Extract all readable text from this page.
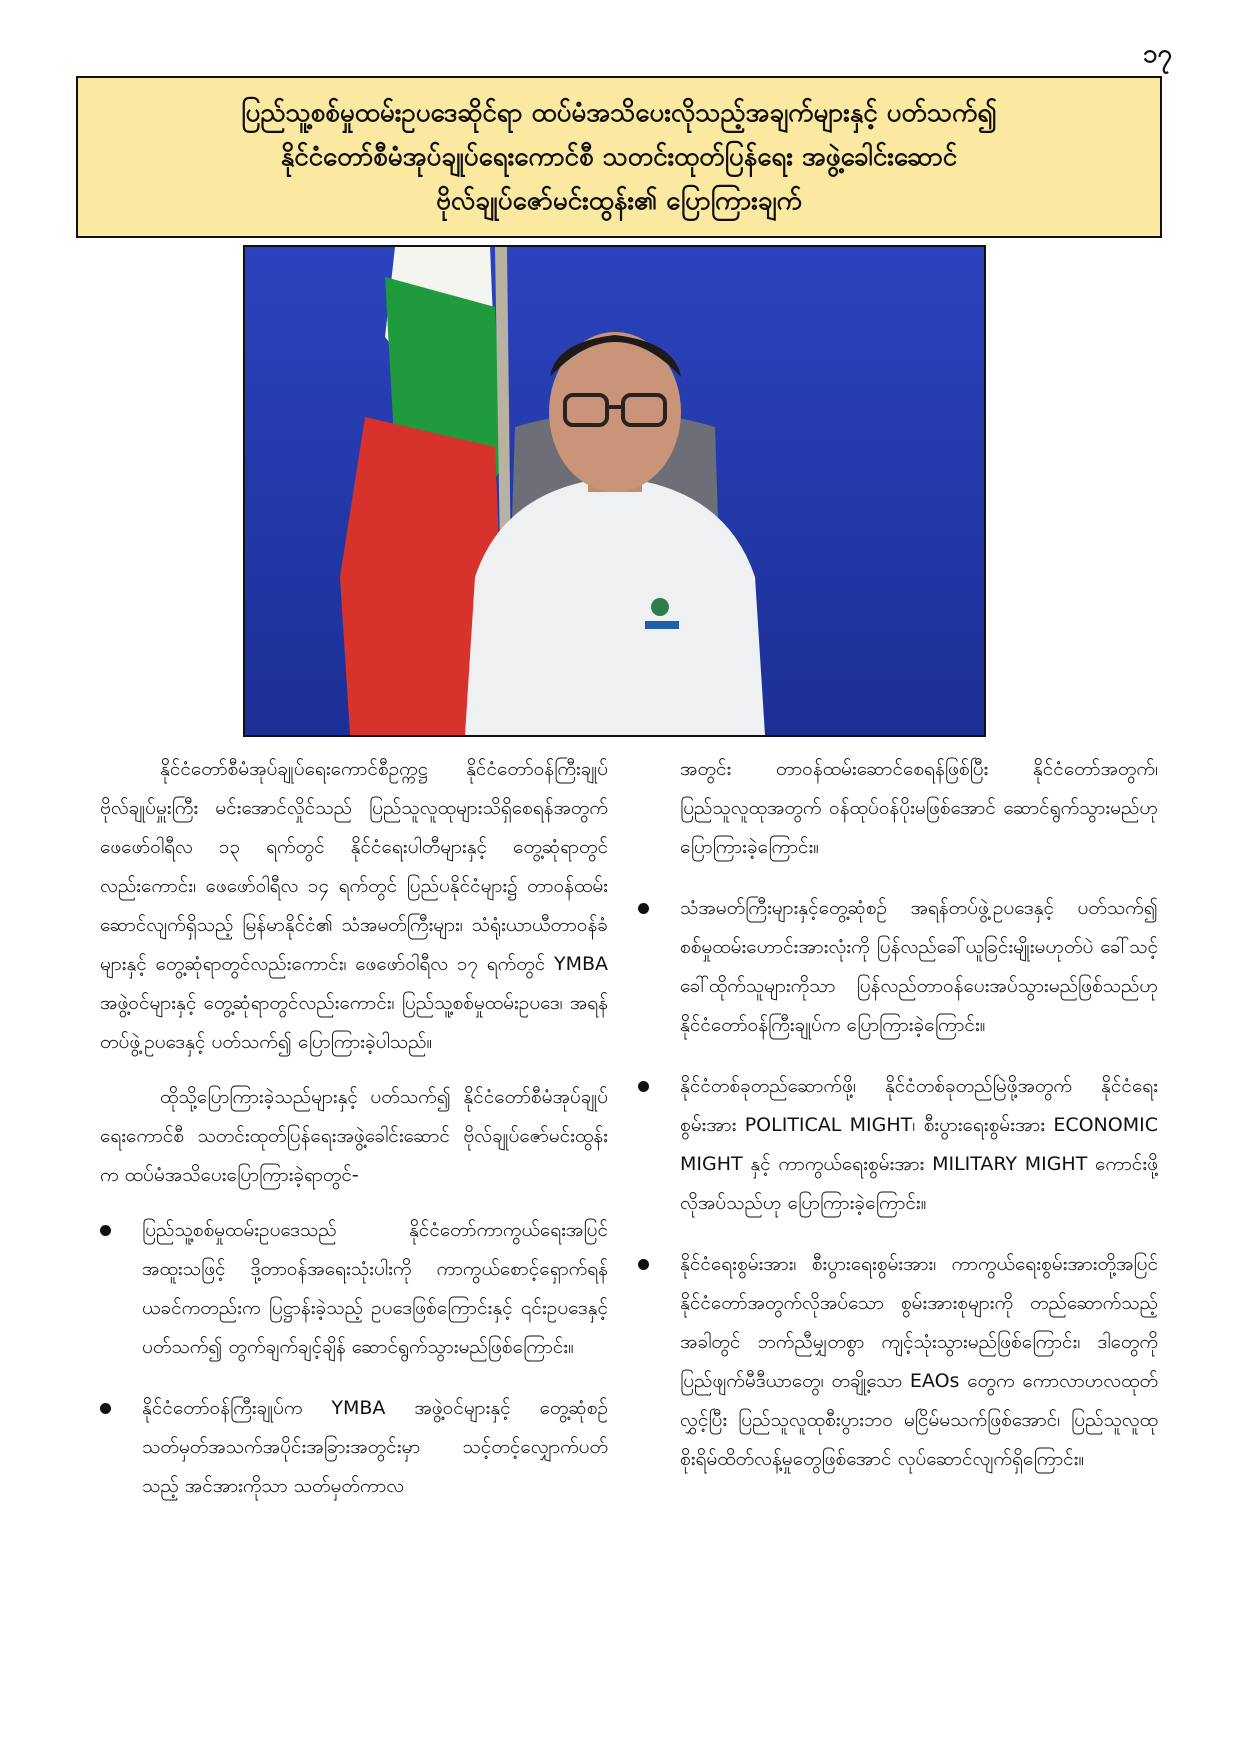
၁၇
ပြည်သူ့စစ်မှုထမ်းဥပဒေဆိုင်ရာ ထပ်မံအသိပေးလိုသည့်အချက်များနှင့် ပတ်သက်၍
နိုင်ငံတော်စီမံအုပ်ချုပ်ရေးကောင်စီ သတင်းထုတ်ပြန်ရေး အဖွဲ့ခေါင်းဆောင်
ဗိုလ်ချုပ်ဇော်မင်းထွန်း၏ ပြောကြားချက်

နိုင်ငံတော်စီမံအုပ်ချုပ်ရေးကောင်စီဥက္ကဋ္ဌ နိုင်ငံတော်ဝန်ကြီးချုပ် ဗိုလ်ချုပ်မှူးကြီး မင်းအောင်လှိုင်သည် ပြည်သူလူထုများသိရှိစေရန်အတွက် ဖေဖော်ဝါရီလ ၁၃ ရက်တွင် နိုင်ငံရေးပါတီများနှင့် တွေ့ဆုံရာတွင်လည်းကောင်း၊ ဖေဖော်ဝါရီလ ၁၄ ရက်တွင် ပြည်ပနိုင်ငံများ၌ တာဝန်ထမ်းဆောင်လျက်ရှိသည့် မြန်မာနိုင်ငံ၏ သံအမတ်ကြီးများ၊ သံရုံးယာယီတာဝန်ခံများနှင့် တွေ့ဆုံရာတွင်လည်းကောင်း၊ ဖေဖော်ဝါရီလ ၁၇ ရက်တွင် YMBA အဖွဲ့ဝင်များနှင့် တွေ့ဆုံရာတွင်လည်းကောင်း၊ ပြည်သူ့စစ်မှုထမ်းဥပဒေ၊ အရန်တပ်ဖွဲ့ဥပဒေနှင့် ပတ်သက်၍ ပြောကြားခဲ့ပါသည်။

ထိုသို့ပြောကြားခဲ့သည်များနှင့် ပတ်သက်၍ နိုင်ငံတော်စီမံအုပ်ချုပ်ရေးကောင်စီ သတင်းထုတ်ပြန်ရေးအဖွဲ့ခေါင်းဆောင် ဗိုလ်ချုပ်ဇော်မင်းထွန်းက ထပ်မံအသိပေးပြောကြားခဲ့ရာတွင်-

ပြည်သူ့စစ်မှုထမ်းဥပဒေသည် နိုင်ငံတော်ကာကွယ်ရေးအပြင် အထူးသဖြင့် ဒို့တာဝန်အရေးသုံးပါးကို ကာကွယ်စောင့်ရှောက်ရန် ယခင်ကတည်းက ပြဋ္ဌာန်းခဲ့သည့် ဥပဒေဖြစ်ကြောင်းနှင့် ၎င်းဥပဒေနှင့်ပတ်သက်၍ တွက်ချက်ချင့်ချိန် ဆောင်ရွက်သွားမည်ဖြစ်ကြောင်း။
နိုင်ငံတော်ဝန်ကြီးချုပ်က YMBA အဖွဲ့ဝင်များနှင့် တွေ့ဆုံစဉ် သတ်မှတ်အသက်အပိုင်းအခြားအတွင်းမှာ သင့်တင့်လျှောက်ပတ်သည့် အင်အားကိုသာ သတ်မှတ်ကာလ

အတွင်း တာဝန်ထမ်းဆောင်စေရန်ဖြစ်ပြီး နိုင်ငံတော်အတွက်၊ ပြည်သူလူထုအတွက် ဝန်ထုပ်ဝန်ပိုးမဖြစ်အောင် ဆောင်ရွက်သွားမည်ဟု ပြောကြားခဲ့ကြောင်း။

သံအမတ်ကြီးများနှင့်တွေ့ဆုံစဉ် အရန်တပ်ဖွဲ့ဥပဒေနှင့် ပတ်သက်၍ စစ်မှုထမ်းဟောင်းအားလုံးကို ပြန်လည်ခေါ်ယူခြင်းမျိုးမဟုတ်ပဲ ခေါ်သင့်ခေါ်ထိုက်သူများကိုသာ ပြန်လည်တာဝန်ပေးအပ်သွားမည်ဖြစ်သည်ဟု နိုင်ငံတော်ဝန်ကြီးချုပ်က ပြောကြားခဲ့ကြောင်း။
နိုင်ငံတစ်ခုတည်ဆောက်ဖို့၊ နိုင်ငံတစ်ခုတည်မြဲဖို့အတွက် နိုင်ငံရေးစွမ်းအား POLITICAL MIGHT၊ စီးပွားရေးစွမ်းအား ECONOMIC MIGHT နှင့် ကာကွယ်ရေးစွမ်းအား MILITARY MIGHT ကောင်းဖို့ လိုအပ်သည်ဟု ပြောကြားခဲ့ကြောင်း။
နိုင်ငံရေးစွမ်းအား၊ စီးပွားရေးစွမ်းအား၊ ကာကွယ်ရေးစွမ်းအားတို့အပြင် နိုင်ငံတော်အတွက်လိုအပ်သော စွမ်းအားစုများကို တည်ဆောက်သည့်အခါတွင် ဘက်ညီမျှတစွာ ကျင့်သုံးသွားမည်ဖြစ်ကြောင်း၊ ဒါတွေကို ပြည်ဖျက်မီဒီယာတွေ၊ တချို့သော EAOs တွေက ကောလာဟလထုတ်လွှင့်ပြီး ပြည်သူလူထုစီးပွားဘဝ မငြိမ်မသက်ဖြစ်အောင်၊ ပြည်သူလူထု စိုးရိမ်ထိတ်လန့်မှုတွေဖြစ်အောင် လုပ်ဆောင်လျက်ရှိကြောင်း။
